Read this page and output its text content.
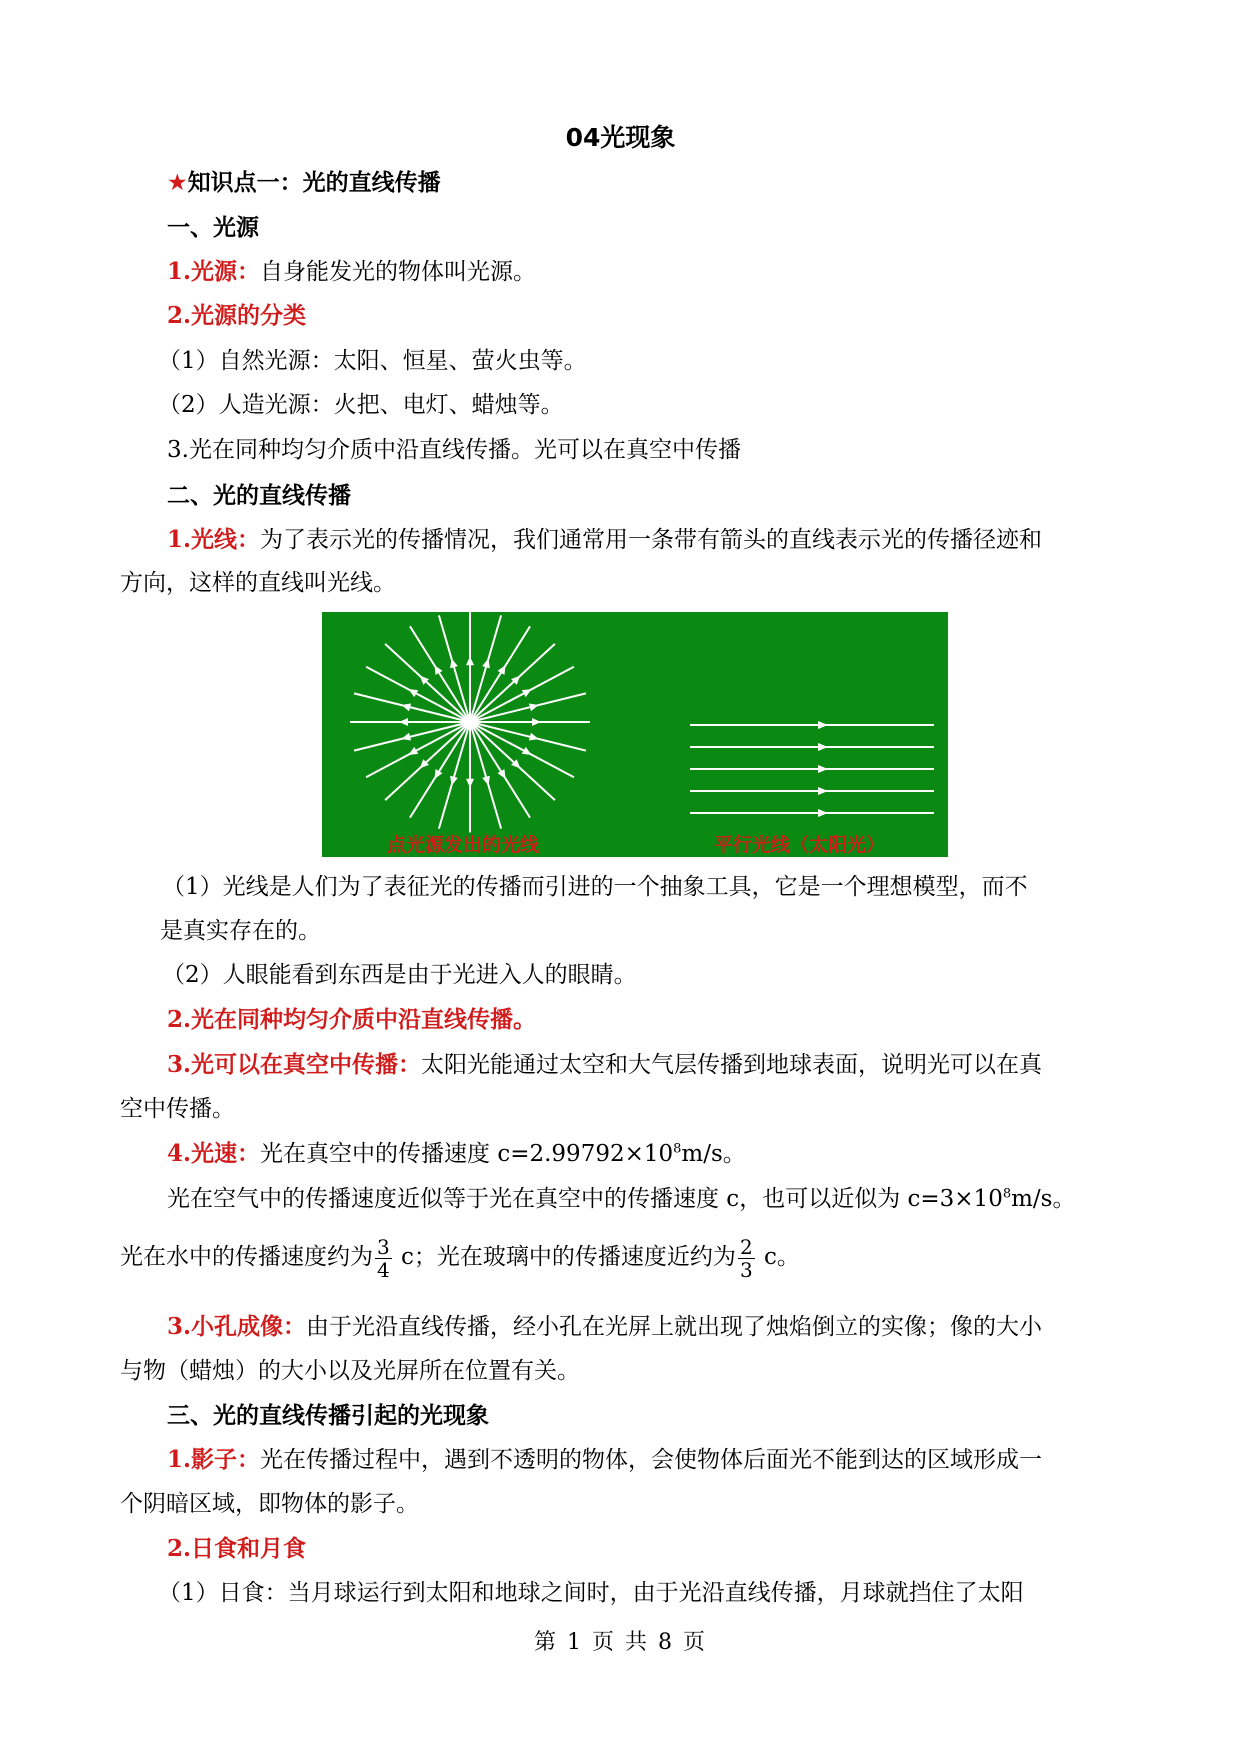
04光现象
★知识点一：光的直线传播
一、光源
1.光源：自身能发光的物体叫光源。
2.光源的分类
（1）自然光源：太阳、恒星、萤火虫等。
（2）人造光源：火把、电灯、蜡烛等。
3.光在同种均匀介质中沿直线传播。光可以在真空中传播
二、光的直线传播
1.光线：为了表示光的传播情况，我们通常用一条带有箭头的直线表示光的传播径迹和
方向，这样的直线叫光线。
点光源发出的光线	平行光线（太阳光）
（1）光线是人们为了表征光的传播而引进的一个抽象工具，它是一个理想模型，而不
是真实存在的。
（2）人眼能看到东西是由于光进入人的眼睛。
2.光在同种均匀介质中沿直线传播。
3.光可以在真空中传播：太阳光能通过太空和大气层传播到地球表面，说明光可以在真
空中传播。
4.光速：光在真空中的传播速度 $c=2.99792\times 10^8m/s$。
光在空气中的传播速度近似等于光在真空中的传播速度 c，也可以近似为 $c=3\times 10^8m/s$。
光在水中的传播速度约为 $\frac{3}{4}$ c；光在玻璃中的传播速度近约为 $\frac{2}{3}$ c。
3.小孔成像：由于光沿直线传播，经小孔在光屏上就出现了烛焰倒立的实像；像的大小
与物（蜡烛）的大小以及光屏所在位置有关。
三、光的直线传播引起的光现象
1.影子：光在传播过程中，遇到不透明的物体，会使物体后面光不能到达的区域形成一
个阴暗区域，即物体的影子。
2.日食和月食
（1）日食：当月球运行到太阳和地球之间时，由于光沿直线传播，月球就挡住了太阳
第 1 页 共 8 页
